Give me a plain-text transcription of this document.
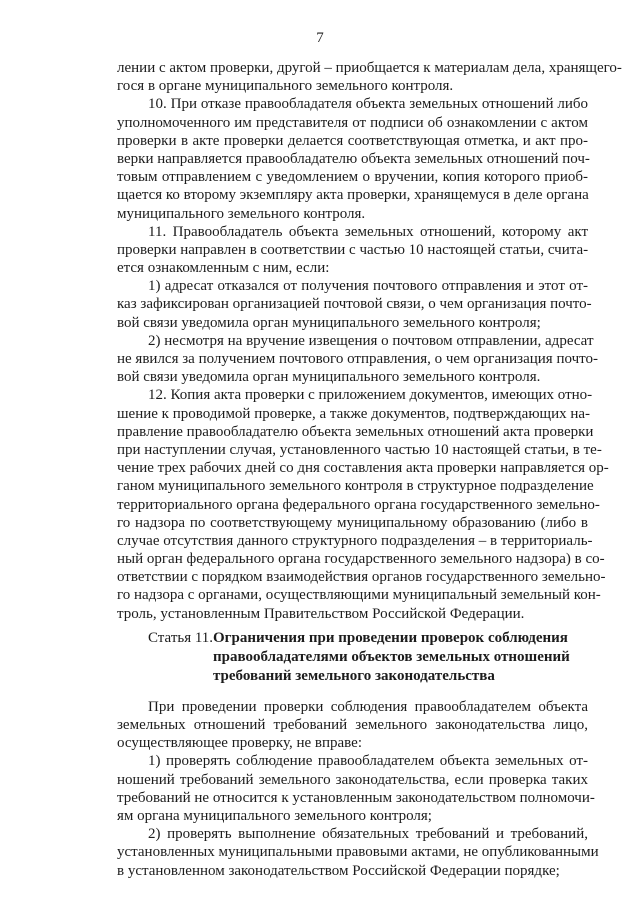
7
лении с актом проверки, другой – приобщается к материалам дела, хранящего-
гося в органе муниципального земельного контроля.
10. При отказе правообладателя объекта земельных отношений либо
уполномоченного им представителя от подписи об ознакомлении с актом
проверки в акте проверки делается соответствующая отметка, и акт про-
верки направляется правообладателю объекта земельных отношений поч-
товым отправлением с уведомлением о вручении, копия которого приоб-
щается ко второму экземпляру акта проверки, хранящемуся в деле органа
муниципального земельного контроля.
11. Правообладатель объекта земельных отношений, которому акт
проверки направлен в соответствии с частью 10 настоящей статьи, счита-
ется ознакомленным с ним, если:
1) адресат отказался от получения почтового отправления и этот от-
каз зафиксирован организацией почтовой связи, о чем организация почто-
вой связи уведомила орган муниципального земельного контроля;
2) несмотря на вручение извещения о почтовом отправлении, адресат
не явился за получением почтового отправления, о чем организация почто-
вой связи уведомила орган муниципального земельного контроля.
12. Копия акта проверки с приложением документов, имеющих отно-
шение к проводимой проверке, а также документов, подтверждающих на-
правление правообладателю объекта земельных отношений акта проверки
при наступлении случая, установленного частью 10 настоящей статьи, в те-
чение трех рабочих дней со дня составления акта проверки направляется ор-
ганом муниципального земельного контроля в структурное подразделение
территориального органа федерального органа государственного земельно-
го надзора по соответствующему муниципальному образованию (либо в
случае отсутствия данного структурного подразделения – в территориаль-
ный орган федерального органа государственного земельного надзора) в со-
ответствии с порядком взаимодействия органов государственного земельно-
го надзора с органами, осуществляющими муниципальный земельный кон-
троль, установленным Правительством Российской Федерации.
Статья 11.Ограничения при проведении проверок соблюдения
правообладателями объектов земельных отношений
требований земельного законодательства
При проведении проверки соблюдения правообладателем объекта
земельных отношений требований земельного законодательства лицо,
осуществляющее проверку, не вправе:
1) проверять соблюдение правообладателем объекта земельных от-
ношений требований земельного законодательства, если проверка таких
требований не относится к установленным законодательством полномочи-
ям органа муниципального земельного контроля;
2) проверять выполнение обязательных требований и требований,
установленных муниципальными правовыми актами, не опубликованными
в установленном законодательством Российской Федерации порядке;
